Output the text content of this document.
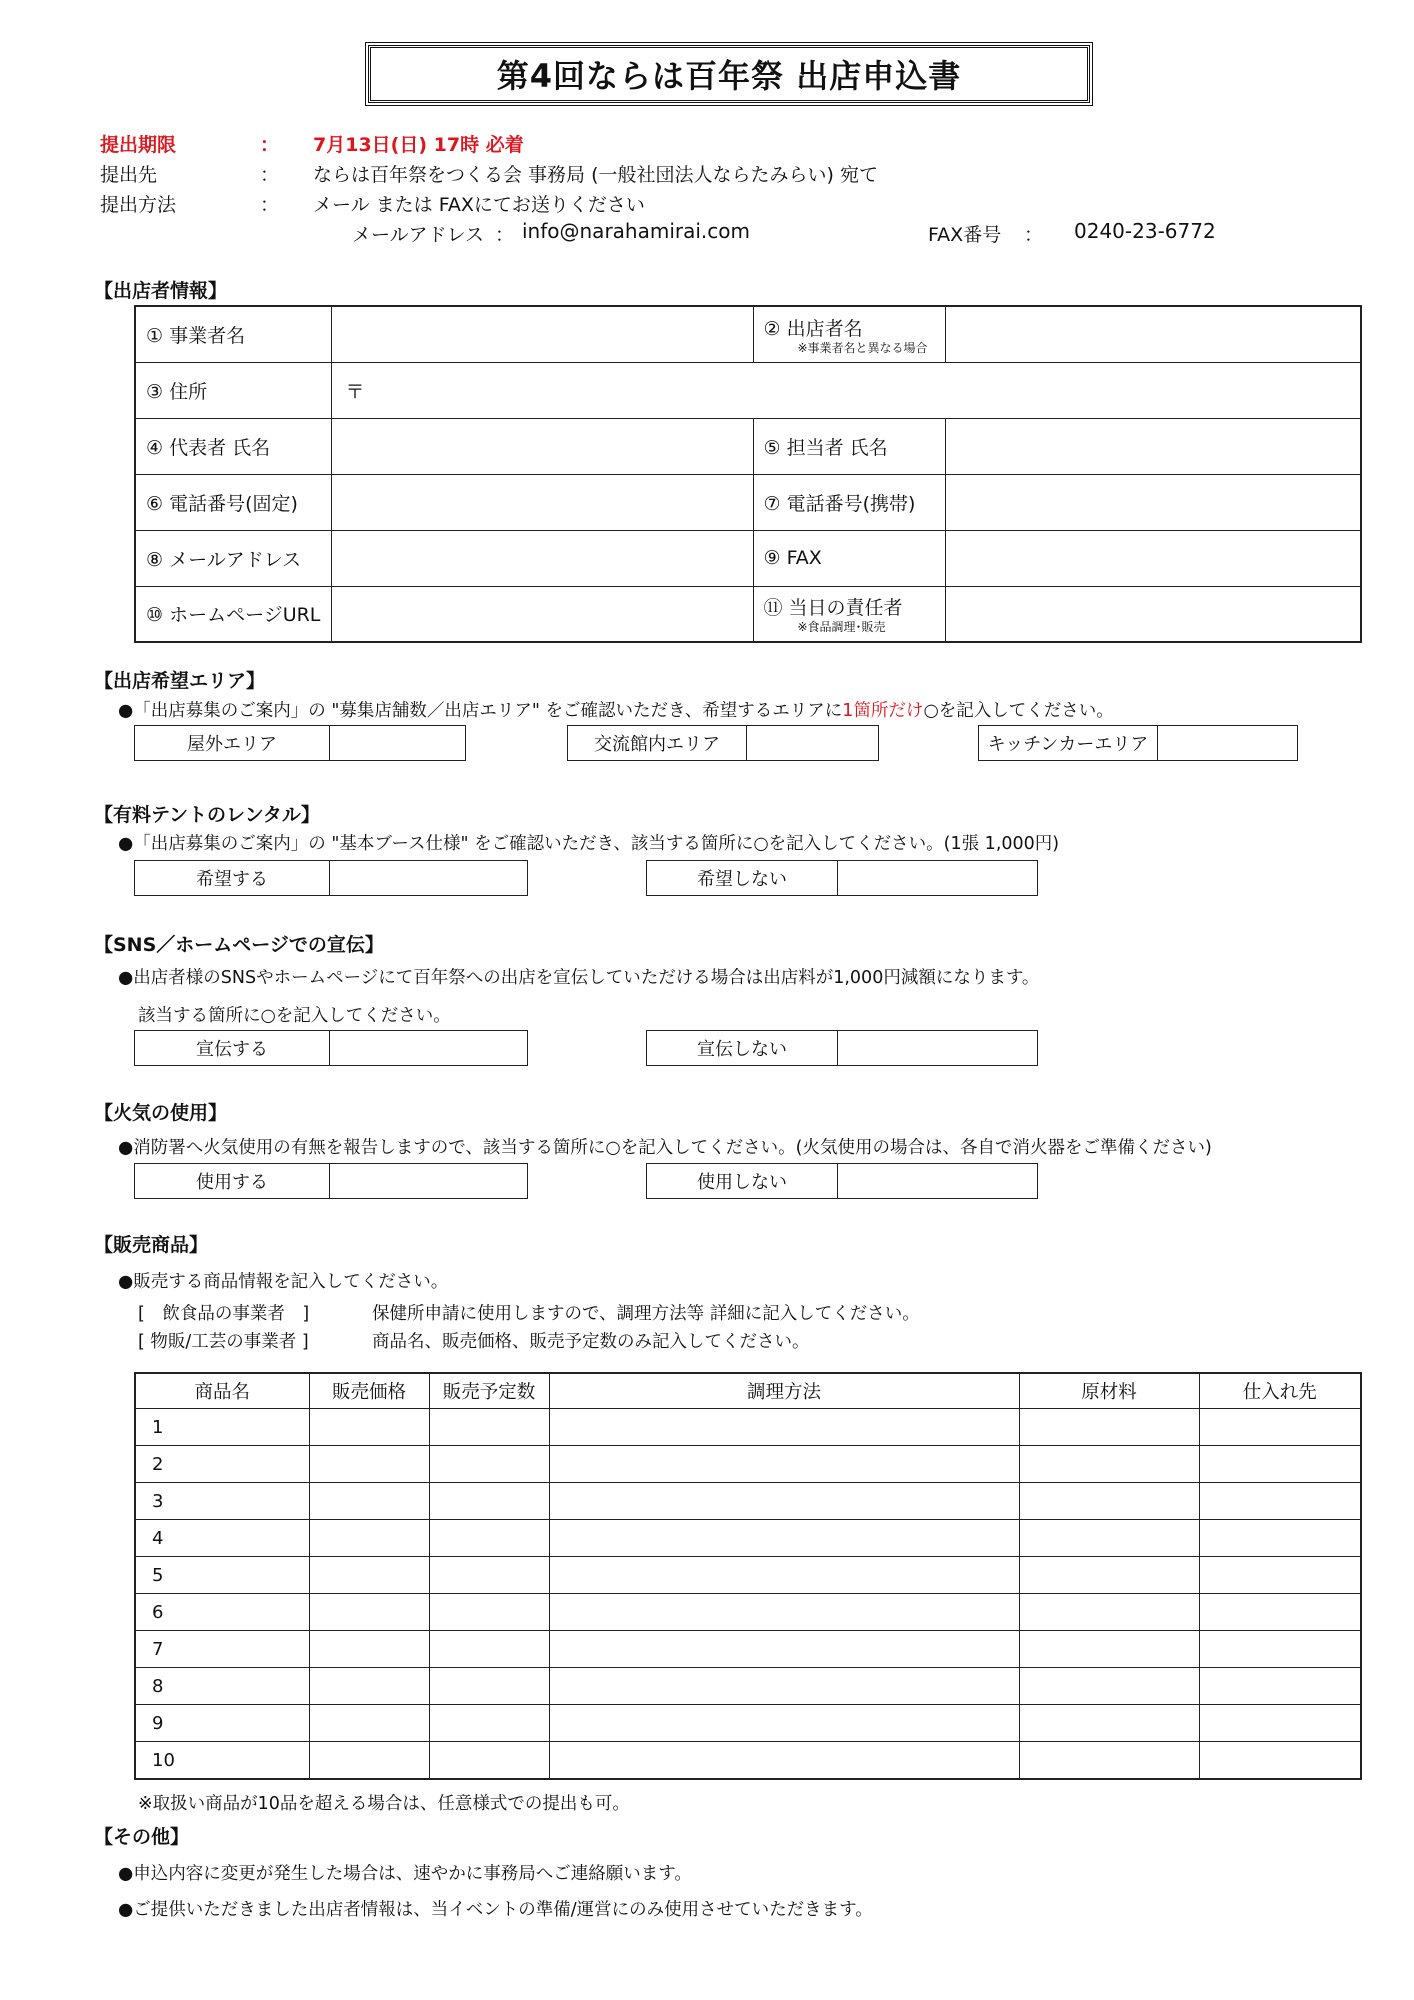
第4回ならは百年祭 出店申込書
提出期限	： 7月13日(日) 17時 必着
提出先	： ならは百年祭をつくる会 事務局 (一般社団法人ならたみらい) 宛て
提出方法	： メール または FAXにてお送りください
メールアドレス ： info@narahamirai.com	FAX番号 ： 0240-23-6772
【出店者情報】
① 事業者名		② 出店者名
※事業者名と異なる場合	

③ 住所	〒		
④ 代表者 氏名		⑤ 担当者 氏名	
⑥ 電話番号(固定)		⑦ 電話番号(携帯)	
⑧ メールアドレス		⑨ FAX	
⑩ ホームページURL		⑪ 当日の責任者
※食品調理･販売	

【出店希望エリア】
●「出店募集のご案内」の "募集店舗数／出店エリア" をご確認いただき、希望するエリアに1箇所だけ○を記入してください。
屋外エリア	交流館内エリア	キッチンカーエリア
【有料テントのレンタル】
●「出店募集のご案内」の "基本ブース仕様" をご確認いただき、該当する箇所に○を記入してください。(1張 1,000円)
希望する	希望しない
【SNS／ホームページでの宣伝】
●出店者様のSNSやホームページにて百年祭への出店を宣伝していただける場合は出店料が1,000円減額になります。
該当する箇所に○を記入してください。
宣伝する	宣伝しない
【火気の使用】
●消防署へ火気使用の有無を報告しますので、該当する箇所に○を記入してください。(火気使用の場合は、各自で消火器をご準備ください)
使用する	使用しない
【販売商品】
●販売する商品情報を記入してください。
[　飲食品の事業者　]	保健所申請に使用しますので、調理方法等 詳細に記入してください。
[ 物販/工芸の事業者 ]	商品名、販売価格、販売予定数のみ記入してください。
商品名	販売価格	販売予定数	調理方法	原材料	仕入れ先
1					
2					
3					
4					
5					
6					
7					
8					
9					
10					
※取扱い商品が10品を超える場合は、任意様式での提出も可。
【その他】
●申込内容に変更が発生した場合は、速やかに事務局へご連絡願います。
●ご提供いただきました出店者情報は、当イベントの準備/運営にのみ使用させていただきます。
